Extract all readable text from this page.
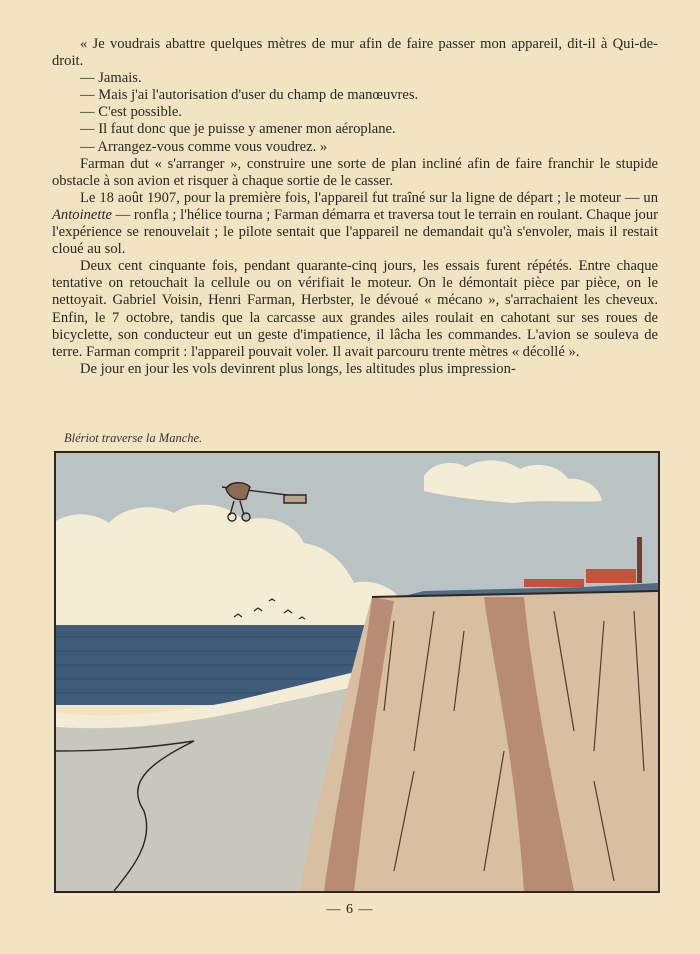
« Je voudrais abattre quelques mètres de mur afin de faire passer mon appareil, dit-il à Qui-de-droit.

— Jamais.

— Mais j'ai l'autorisation d'user du champ de manœuvres.

— C'est possible.

— Il faut donc que je puisse y amener mon aéroplane.

— Arrangez-vous comme vous voudrez. »

Farman dut « s'arranger », construire une sorte de plan incliné afin de faire franchir le stupide obstacle à son avion et risquer à chaque sortie de le casser.

Le 18 août 1907, pour la première fois, l'appareil fut traîné sur la ligne de départ ; le moteur — un Antoinette — ronfla ; l'hélice tourna ; Farman démarra et traversa tout le terrain en roulant. Chaque jour l'expérience se renouvelait ; le pilote sentait que l'appareil ne demandait qu'à s'envoler, mais il restait cloué au sol.

Deux cent cinquante fois, pendant quarante-cinq jours, les essais furent répétés. Entre chaque tentative on retouchait la cellule ou on vérifiait le moteur. On le démontait pièce par pièce, on le nettoyait. Gabriel Voisin, Henri Farman, Herbster, le dévoué « mécano », s'arrachaient les cheveux. Enfin, le 7 octobre, tandis que la carcasse aux grandes ailes roulait en cahotant sur ses roues de bicyclette, son conducteur eut un geste d'impatience, il lâcha les commandes. L'avion se souleva de terre. Farman comprit : l'appareil pouvait voler. Il avait parcouru trente mètres « décollé ».

De jour en jour les vols devinrent plus longs, les altitudes plus impression-

Blériot traverse la Manche.
— 6 —
